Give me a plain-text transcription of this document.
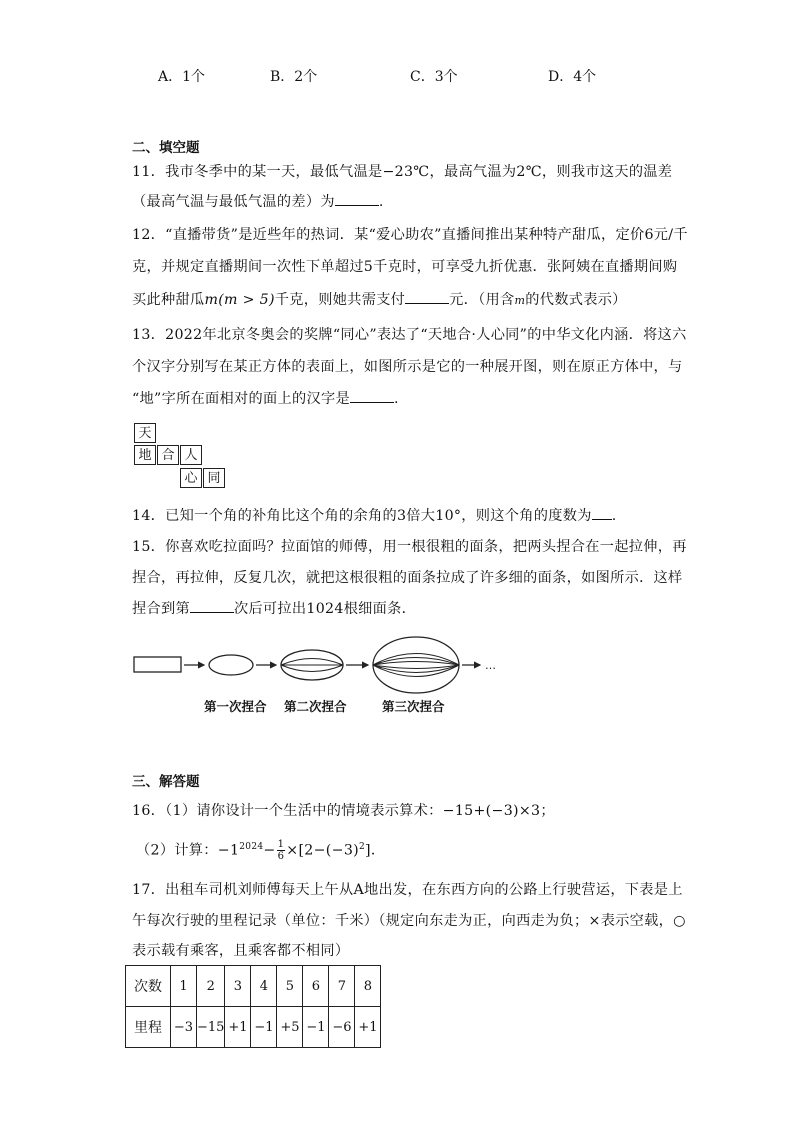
A．1个	B．2个	C．3个	D．4个
二、填空题
11．我市冬季中的某一天，最低气温是−23℃，最高气温为2℃，则我市这天的温差
（最高气温与最低气温的差）为	.
12．“直播带货”是近些年的热词．某“爱心助农”直播间推出某种特产甜瓜，定价6元/千
克，并规定直播期间一次性下单超过5千克时，可享受九折优惠．张阿姨在直播期间购
买此种甜瓜m(m > 5)千克，则她共需支付	元．（用含m的代数式表示）
13．2022年北京冬奥会的奖牌“同心”表达了“天地合·人心同”的中华文化内涵．将这六
个汉字分别写在某正方体的表面上，如图所示是它的一种展开图，则在原正方体中，与
“地”字所在面相对的面上的汉字是	.
天
地 合 人
心 同
14．已知一个角的补角比这个角的余角的3倍大10°，则这个角的度数为 .
15．你喜欢吃拉面吗？拉面馆的师傅，用一根很粗的面条，把两头捏合在一起拉伸，再
捏合，再拉伸，反复几次，就把这根很粗的面条拉成了许多细的面条，如图所示．这样
捏合到第	次后可拉出1024根细面条．
…
第一次捏合 第二次捏合	第三次捏合
三、解答题
16．（1）请你设计一个生活中的情境表示算术：−15+(−3)×3；
（2）计算：$-1^{2024}- \frac{1}{6} \times[2-(-3)^2]$．
17．出租车司机刘师傅每天上午从A地出发，在东西方向的公路上行驶营运，下表是上
午每次行驶的里程记录（单位：千米）（规定向东走为正，向西走为负；×表示空载，○
表示载有乘客，且乘客都不相同）
次数	1	2	3	4	5	6	7	8
里程	−3	−15	+1	−1	+5	−1	−6	+1
